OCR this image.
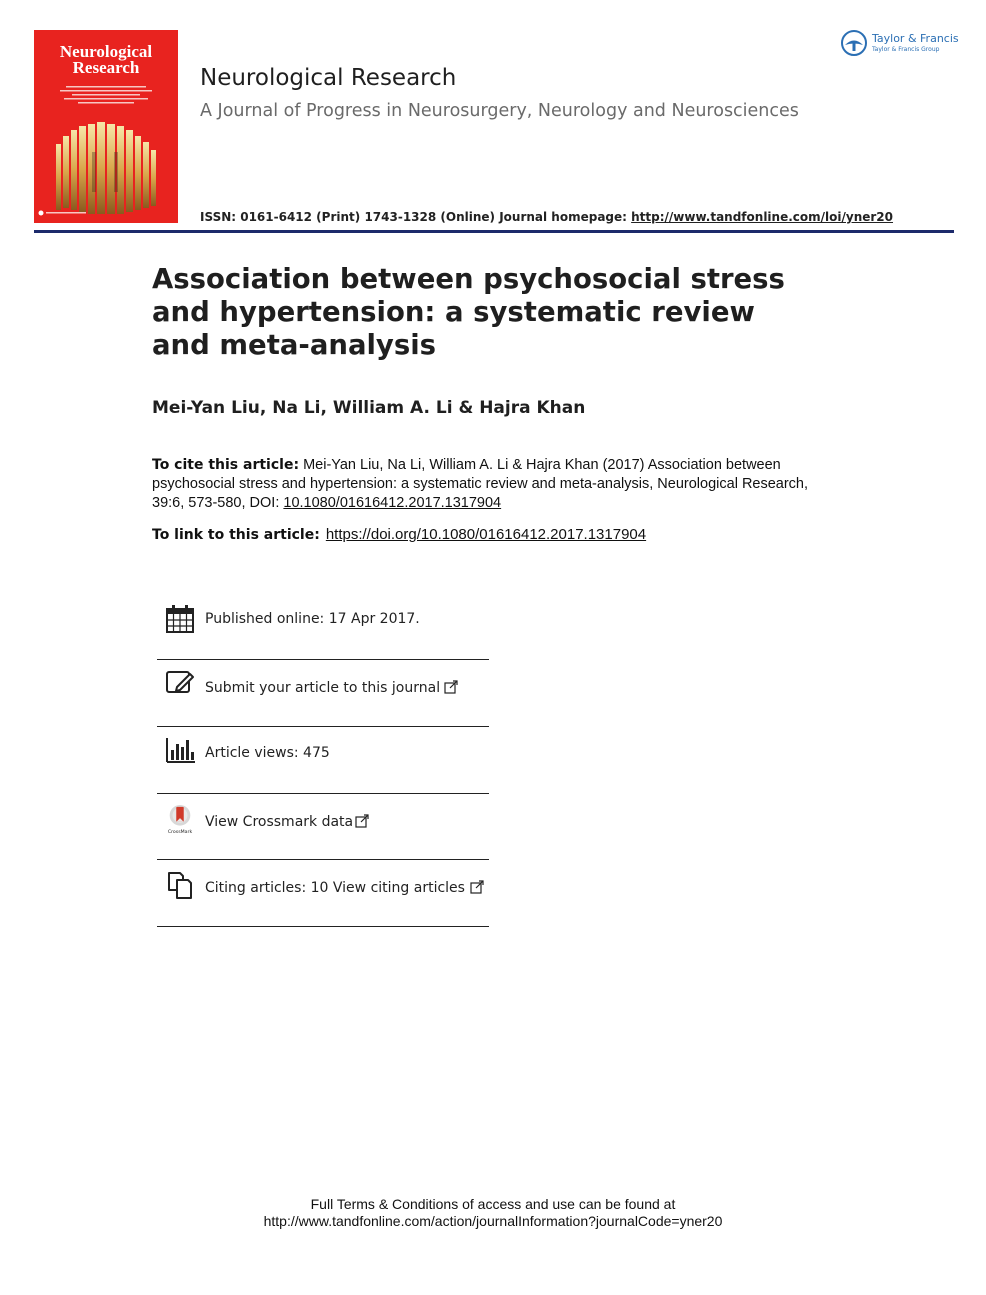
Neurological
Research	Neurological Research
A Journal of Progress in Neurosurgery, Neurology and Neurosciences
Taylor & Francis
Taylor & Francis Group
ISSN: 0161-6412 (Print) 1743-1328 (Online) Journal homepage: http://www.tandfonline.com/loi/yner20
Association between psychosocial stress and hypertension: a systematic review and meta-analysis
Mei-Yan Liu, Na Li, William A. Li & Hajra Khan
To cite this article: Mei-Yan Liu, Na Li, William A. Li & Hajra Khan (2017) Association between psychosocial stress and hypertension: a systematic review and meta-analysis, Neurological Research, 39:6, 573-580, DOI: 10.1080/01616412.2017.1317904
To link to this article: https://doi.org/10.1080/01616412.2017.1317904
Published online: 17 Apr 2017.
Submit your article to this journal
Article views: 475
CrossMark
View Crossmark data
Citing articles: 10 View citing articles
Full Terms & Conditions of access and use can be found at
http://www.tandfonline.com/action/journalInformation?journalCode=yner20
